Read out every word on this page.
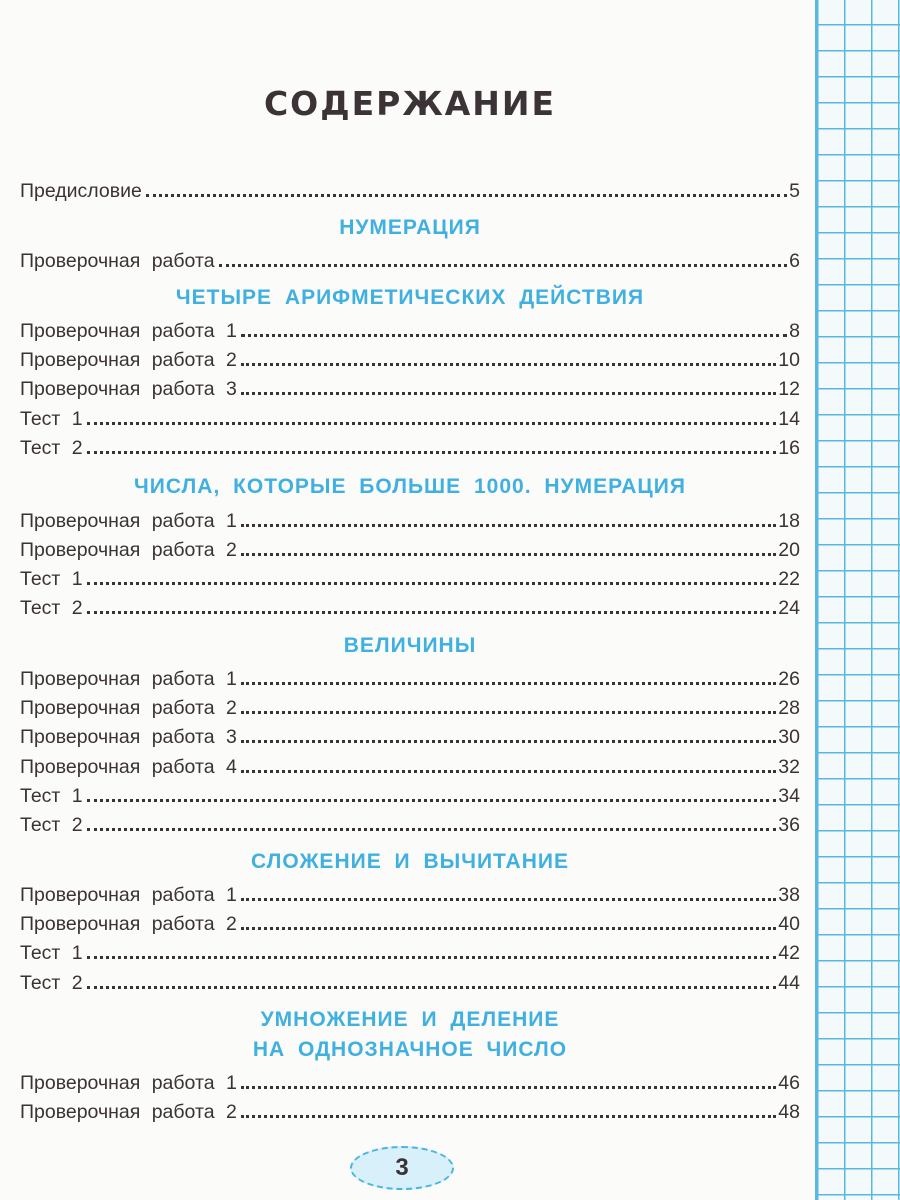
СОДЕРЖАНИЕ
Предисловие	5
НУМЕРАЦИЯ
Проверочная работа	6
ЧЕТЫРЕ АРИФМЕТИЧЕСКИХ ДЕЙСТВИЯ
Проверочная работа 1	8
Проверочная работа 2	10
Проверочная работа 3	12
Тест 1	14
Тест 2	16
ЧИСЛА, КОТОРЫЕ БОЛЬШЕ 1000. НУМЕРАЦИЯ
Проверочная работа 1	18
Проверочная работа 2	20
Тест 1	22
Тест 2	24
ВЕЛИЧИНЫ
Проверочная работа 1	26
Проверочная работа 2	28
Проверочная работа 3	30
Проверочная работа 4	32
Тест 1	34
Тест 2	36
СЛОЖЕНИЕ И ВЫЧИТАНИЕ
Проверочная работа 1	38
Проверочная работа 2	40
Тест 1	42
Тест 2	44
УМНОЖЕНИЕ И ДЕЛЕНИЕ
НА ОДНОЗНАЧНОЕ ЧИСЛО
Проверочная работа 1	46
Проверочная работа 2	48
3
